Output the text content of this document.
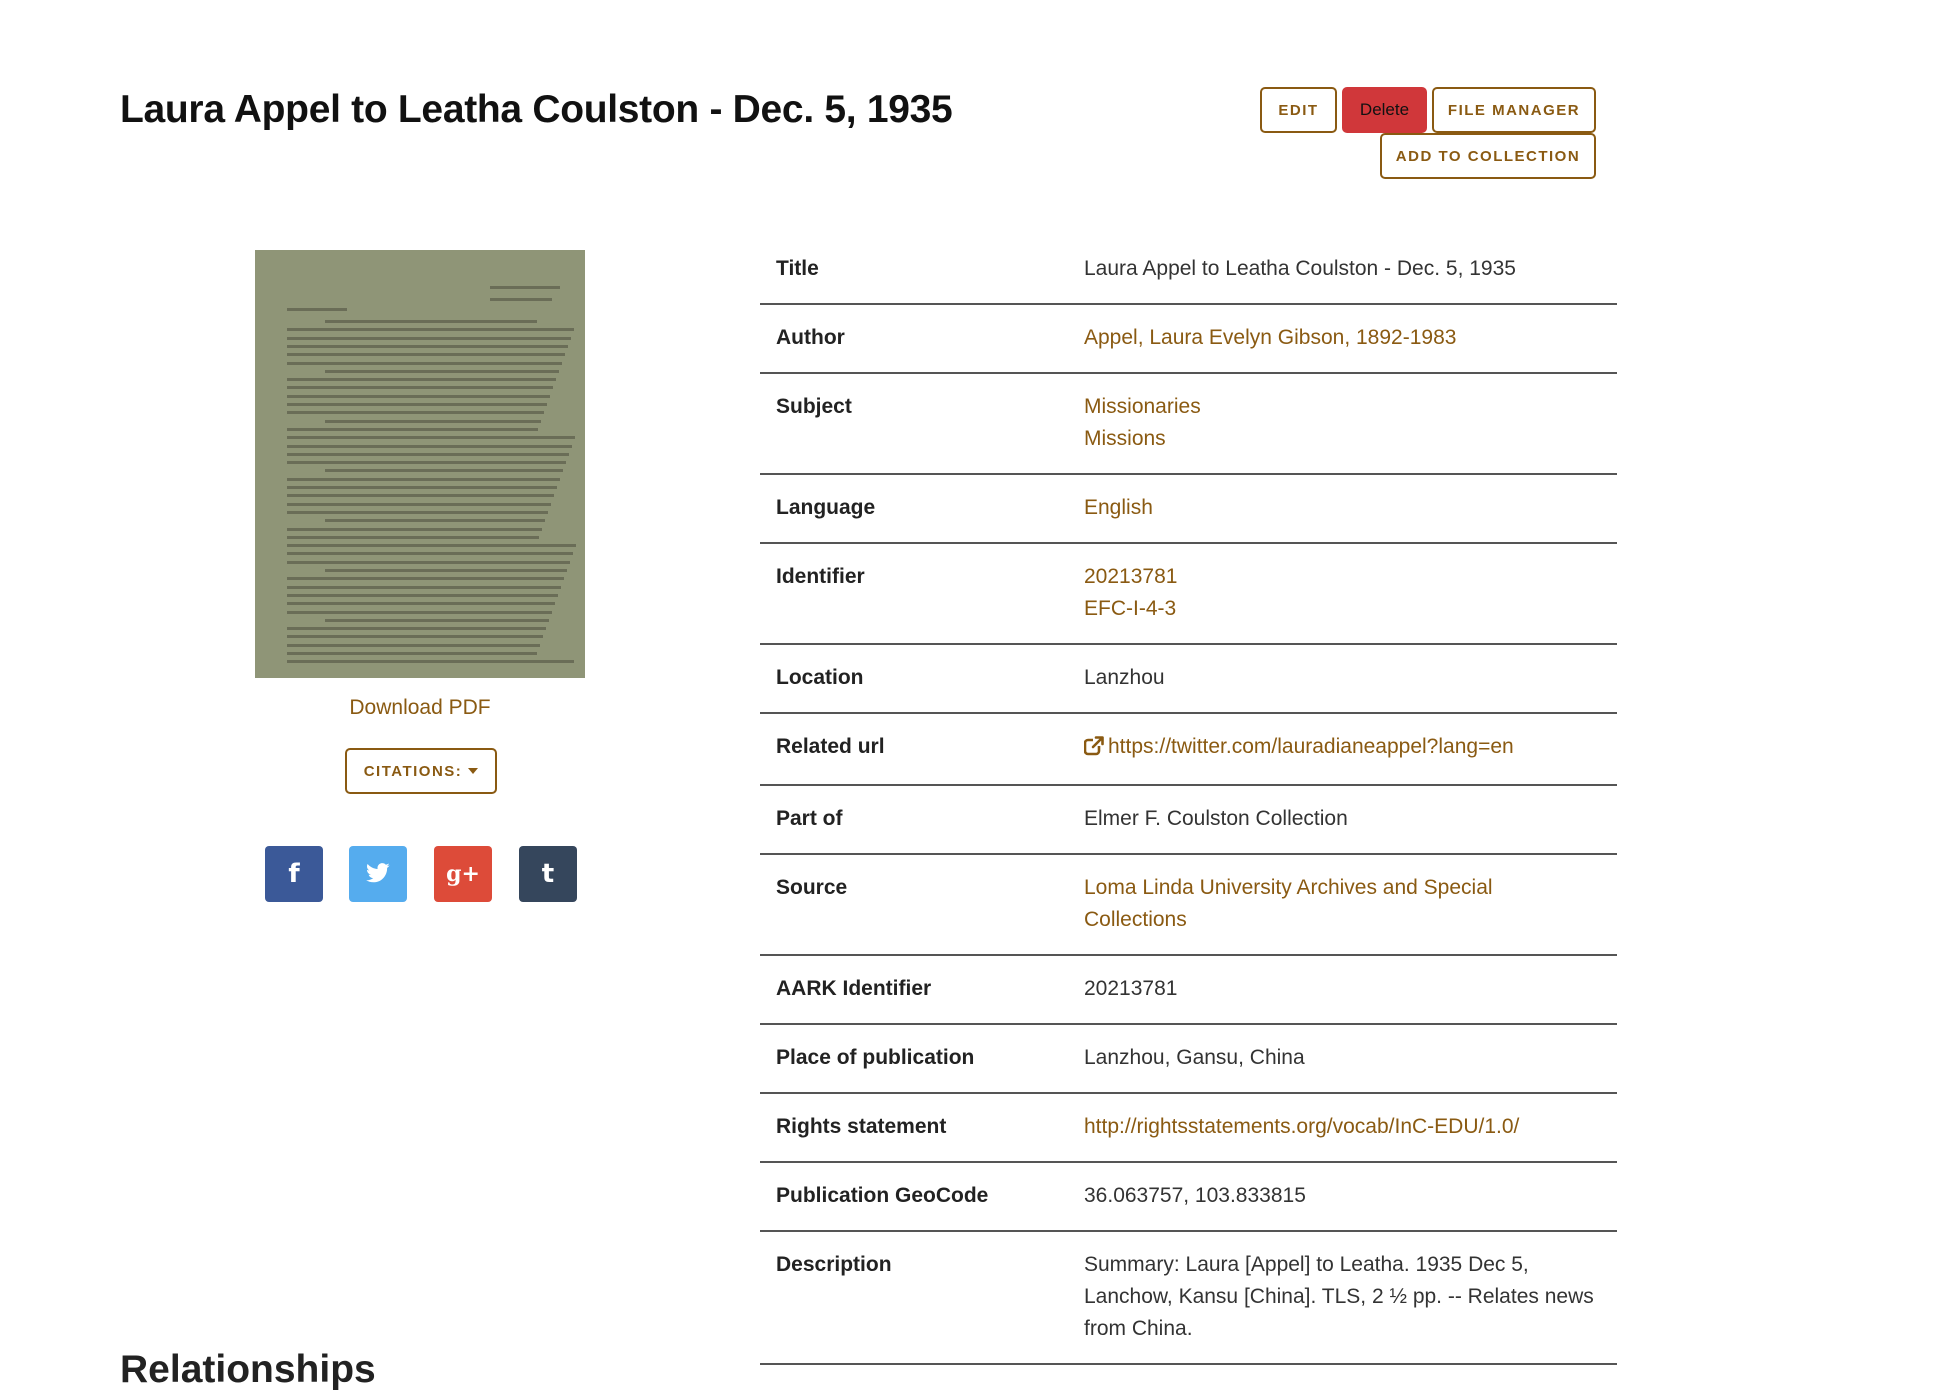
Laura Appel to Leatha Coulston - Dec. 5, 1935	EDIT	Delete	FILE MANAGER
ADD TO COLLECTION
Download PDF
CITATIONS:
f	g+ t
Title	Laura Appel to Leatha Coulston - Dec. 5, 1935
Author	Appel, Laura Evelyn Gibson, 1892-1983
Subject	Missionaries
Missions
Language	English
Identifier	20213781
EFC-I-4-3
Location	Lanzhou
Related url	https://twitter.com/lauradianeappel?lang=en
Part of	Elmer F. Coulston Collection
Source	Loma Linda University Archives and Special Collections
AARK Identifier	20213781
Place of publication	Lanzhou, Gansu, China
Rights statement	http://rightsstatements.org/vocab/InC-EDU/1.0/
Publication GeoCode	36.063757, 103.833815
Description	Summary: Laura [Appel] to Leatha. 1935 Dec 5, Lanchow, Kansu [China]. TLS, 2 ½ pp. -- Relates news from China.
Relationships
